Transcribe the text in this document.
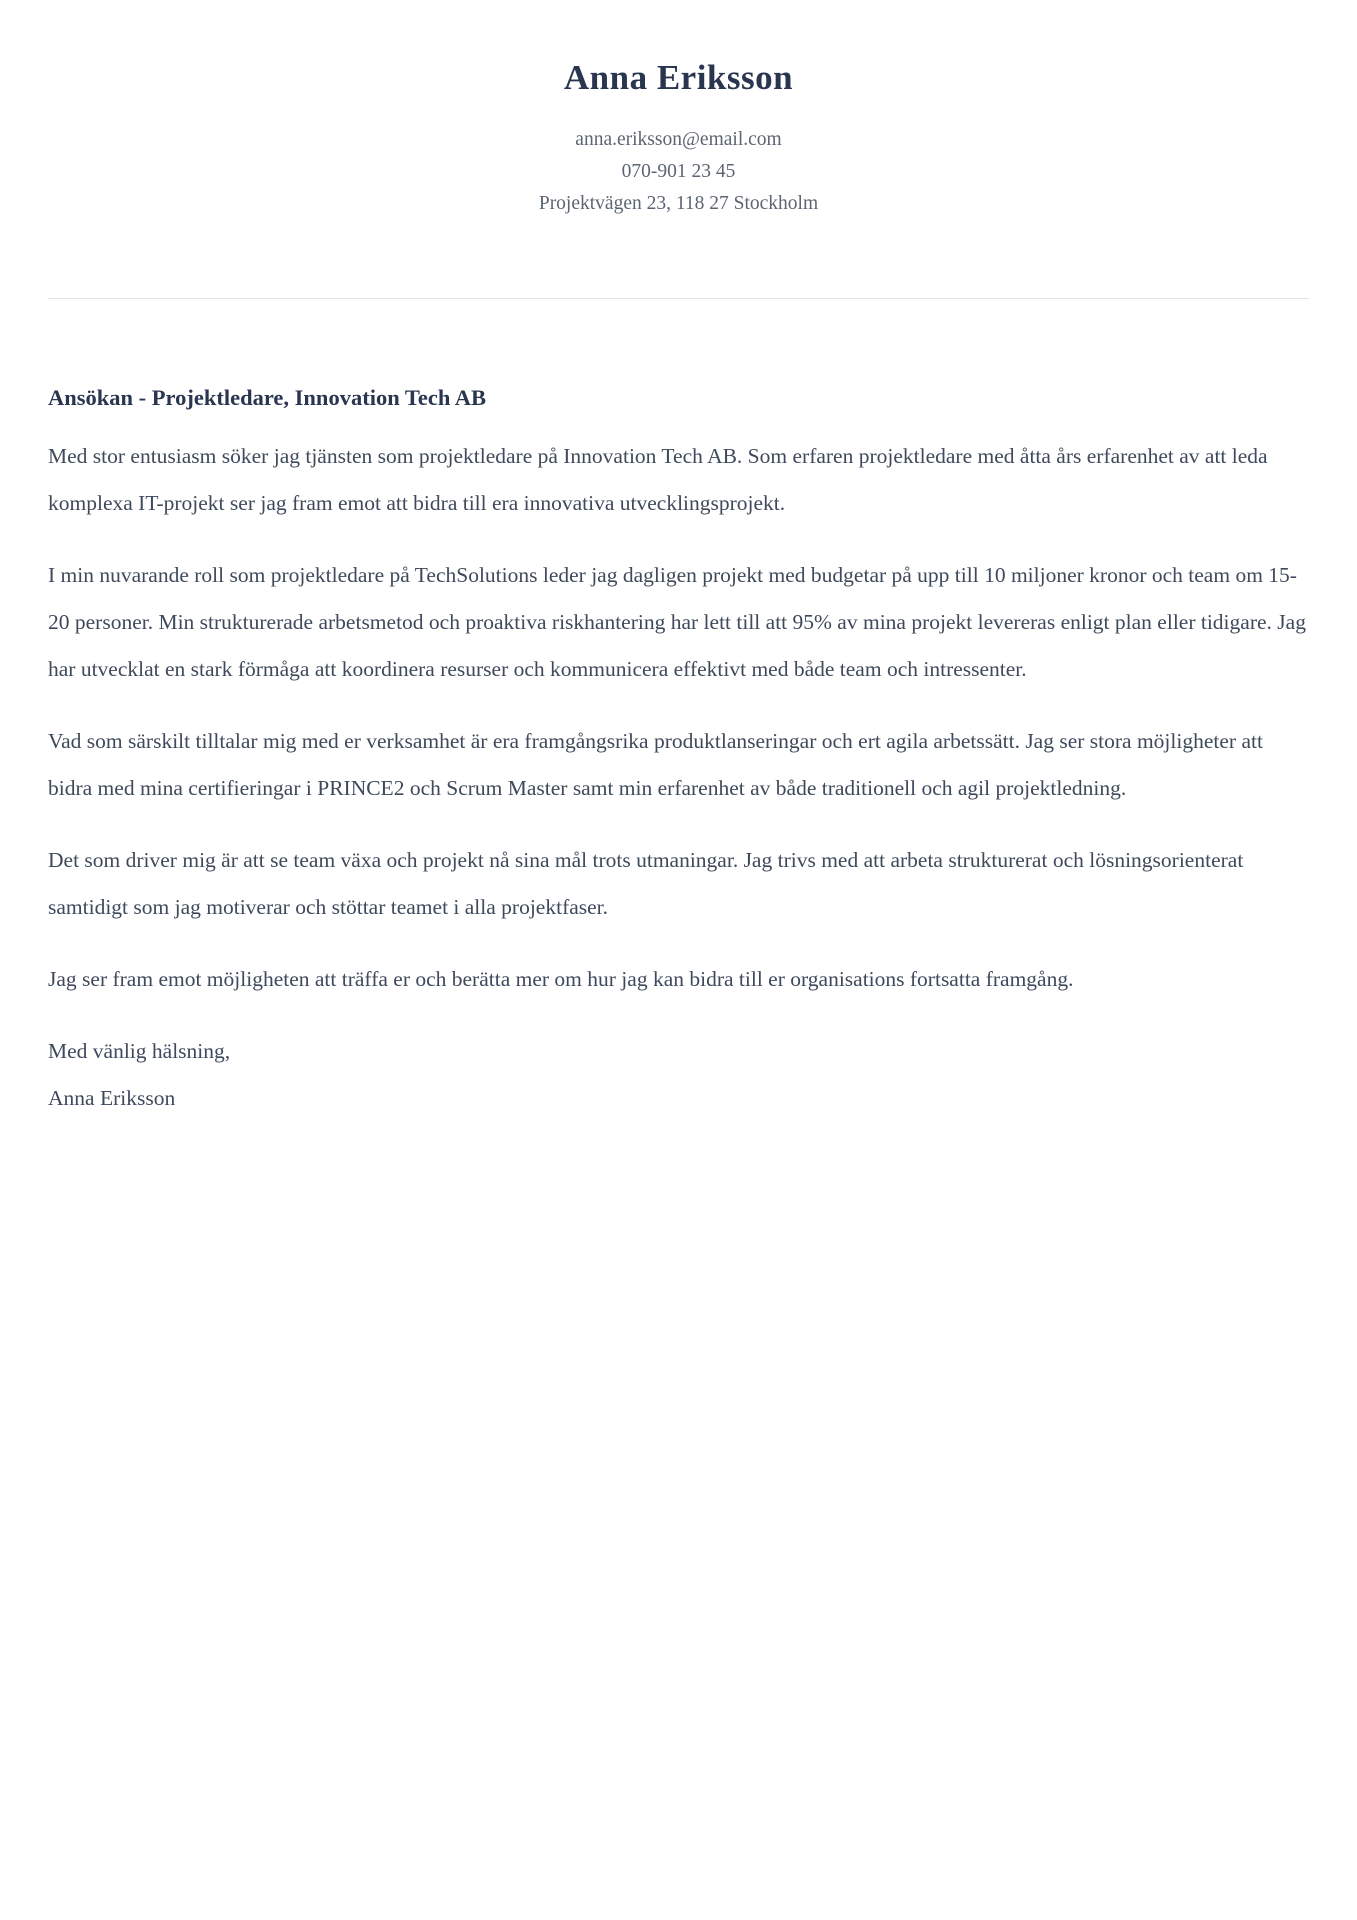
Anna Eriksson

anna.eriksson@email.com

070-901 23 45

Projektvägen 23, 118 27 Stockholm

Ansökan - Projektledare, Innovation Tech AB

Med stor entusiasm söker jag tjänsten som projektledare på Innovation Tech AB. Som erfaren projektledare med åtta års erfarenhet av att leda komplexa IT-projekt ser jag fram emot att bidra till era innovativa utvecklingsprojekt.

I min nuvarande roll som projektledare på TechSolutions leder jag dagligen projekt med budgetar på upp till 10 miljoner kronor och team om 15-20 personer. Min strukturerade arbetsmetod och proaktiva riskhantering har lett till att 95% av mina projekt levereras enligt plan eller tidigare. Jag har utvecklat en stark förmåga att koordinera resurser och kommunicera effektivt med både team och intressenter.

Vad som särskilt tilltalar mig med er verksamhet är era framgångsrika produktlanseringar och ert agila arbetssätt. Jag ser stora möjligheter att bidra med mina certifieringar i PRINCE2 och Scrum Master samt min erfarenhet av både traditionell och agil projektledning.

Det som driver mig är att se team växa och projekt nå sina mål trots utmaningar. Jag trivs med att arbeta strukturerat och lösningsorienterat samtidigt som jag motiverar och stöttar teamet i alla projektfaser.

Jag ser fram emot möjligheten att träffa er och berätta mer om hur jag kan bidra till er organisations fortsatta framgång.

Med vänlig hälsning,

Anna Eriksson
